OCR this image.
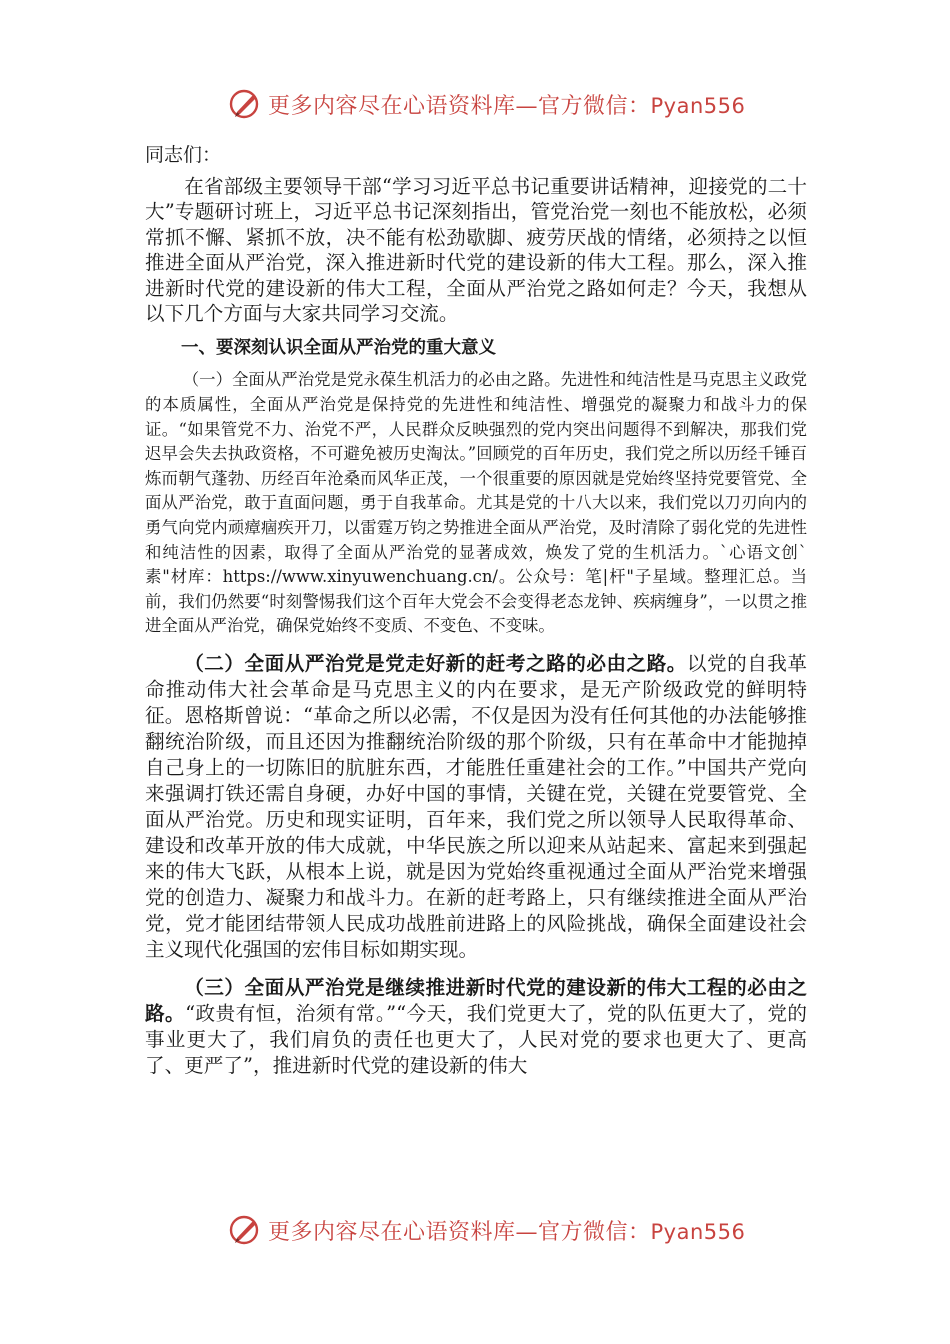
更多内容尽在心语资料库—官方微信：Pyan556

同志们：

在省部级主要领导干部“学习习近平总书记重要讲话精神，迎接党的二十大”专题研讨班上，习近平总书记深刻指出，管党治党一刻也不能放松，必须常抓不懈、紧抓不放，决不能有松劲歇脚、疲劳厌战的情绪，必须持之以恒推进全面从严治党，深入推进新时代党的建设新的伟大工程。那么，深入推进新时代党的建设新的伟大工程，全面从严治党之路如何走？今天，我想从以下几个方面与大家共同学习交流。

一、要深刻认识全面从严治党的重大意义

（一）全面从严治党是党永葆生机活力的必由之路。先进性和纯洁性是马克思主义政党的本质属性，全面从严治党是保持党的先进性和纯洁性、增强党的凝聚力和战斗力的保证。“如果管党不力、治党不严，人民群众反映强烈的党内突出问题得不到解决，那我们党迟早会失去执政资格，不可避免被历史淘汰。”回顾党的百年历史，我们党之所以历经千锤百炼而朝气蓬勃、历经百年沧桑而风华正茂，一个很重要的原因就是党始终坚持党要管党、全面从严治党，敢于直面问题，勇于自我革命。尤其是党的十八大以来，我们党以刀刃向内的勇气向党内顽瘴痼疾开刀，以雷霆万钧之势推进全面从严治党，及时清除了弱化党的先进性和纯洁性的因素，取得了全面从严治党的显著成效，焕发了党的生机活力。`心语文创`素"材库：https://www.xinyuwenchuang.cn/。公众号：笔|杆"子星域。整理汇总。当前，我们仍然要“时刻警惕我们这个百年大党会不会变得老态龙钟、疾病缠身”，一以贯之推进全面从严治党，确保党始终不变质、不变色、不变味。

（二）全面从严治党是党走好新的赶考之路的必由之路。以党的自我革命推动伟大社会革命是马克思主义的内在要求，是无产阶级政党的鲜明特征。恩格斯曾说：“革命之所以必需，不仅是因为没有任何其他的办法能够推翻统治阶级，而且还因为推翻统治阶级的那个阶级，只有在革命中才能抛掉自己身上的一切陈旧的肮脏东西，才能胜任重建社会的工作。”中国共产党向来强调打铁还需自身硬，办好中国的事情，关键在党，关键在党要管党、全面从严治党。历史和现实证明，百年来，我们党之所以领导人民取得革命、建设和改革开放的伟大成就，中华民族之所以迎来从站起来、富起来到强起来的伟大飞跃，从根本上说，就是因为党始终重视通过全面从严治党来增强党的创造力、凝聚力和战斗力。在新的赶考路上，只有继续推进全面从严治党，党才能团结带领人民成功战胜前进路上的风险挑战，确保全面建设社会主义现代化强国的宏伟目标如期实现。

（三）全面从严治党是继续推进新时代党的建设新的伟大工程的必由之路。“政贵有恒，治须有常。”“今天，我们党更大了，党的队伍更大了，党的事业更大了，我们肩负的责任也更大了，人民对党的要求也更大了、更高了、更严了”，推进新时代党的建设新的伟大

更多内容尽在心语资料库—官方微信：Pyan556
